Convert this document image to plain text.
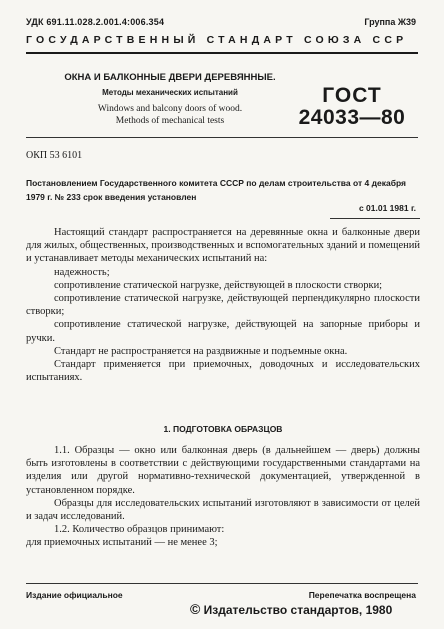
УДК 691.11.028.2.001.4:006.354	Группа Ж39
ГОСУДАРСТВЕННЫЙ СТАНДАРТ СОЮЗА ССР
ОКНА И БАЛКОННЫЕ ДВЕРИ ДЕРЕВЯННЫЕ.
Методы механических испытаний
Windows and balcony doors of wood.
Methods of mechanical tests
ГОСТ
24033—80
ОКП 53 6101
Постановлением Государственного комитета СССР по делам строительства от 4 декабря 1979 г. № 233 срок введения установлен
с 01.01 1981 г.

Настоящий стандарт распространяется на деревянные окна и балконные двери для жилых, общественных, производственных и вспомогательных зданий и помещений и устанавливает методы механических испытаний на:

надежность;

сопротивление статической нагрузке, действующей в плоскости створки;

сопротивление статической нагрузке, действующей перпендикулярно плоскости створки;

сопротивление статической нагрузке, действующей на запорные приборы и ручки.

Стандарт не распространяется на раздвижные и подъемные окна.

Стандарт применяется при приемочных, доводочных и исследовательских испытаниях.

1. ПОДГОТОВКА ОБРАЗЦОВ

1.1. Образцы — окно или балконная дверь (в дальнейшем — дверь) должны быть изготовлены в соответствии с действующими государственными стандартами на изделия или другой нормативно-технической документацией, утвержденной в установленном порядке.

Образцы для исследовательских испытаний изготовляют в зависимости от целей и задач исследований.

1.2. Количество образцов принимают:

для приемочных испытаний — не менее 3;

Издание официальное	Перепечатка воспрещена
© Издательство стандартов, 1980
